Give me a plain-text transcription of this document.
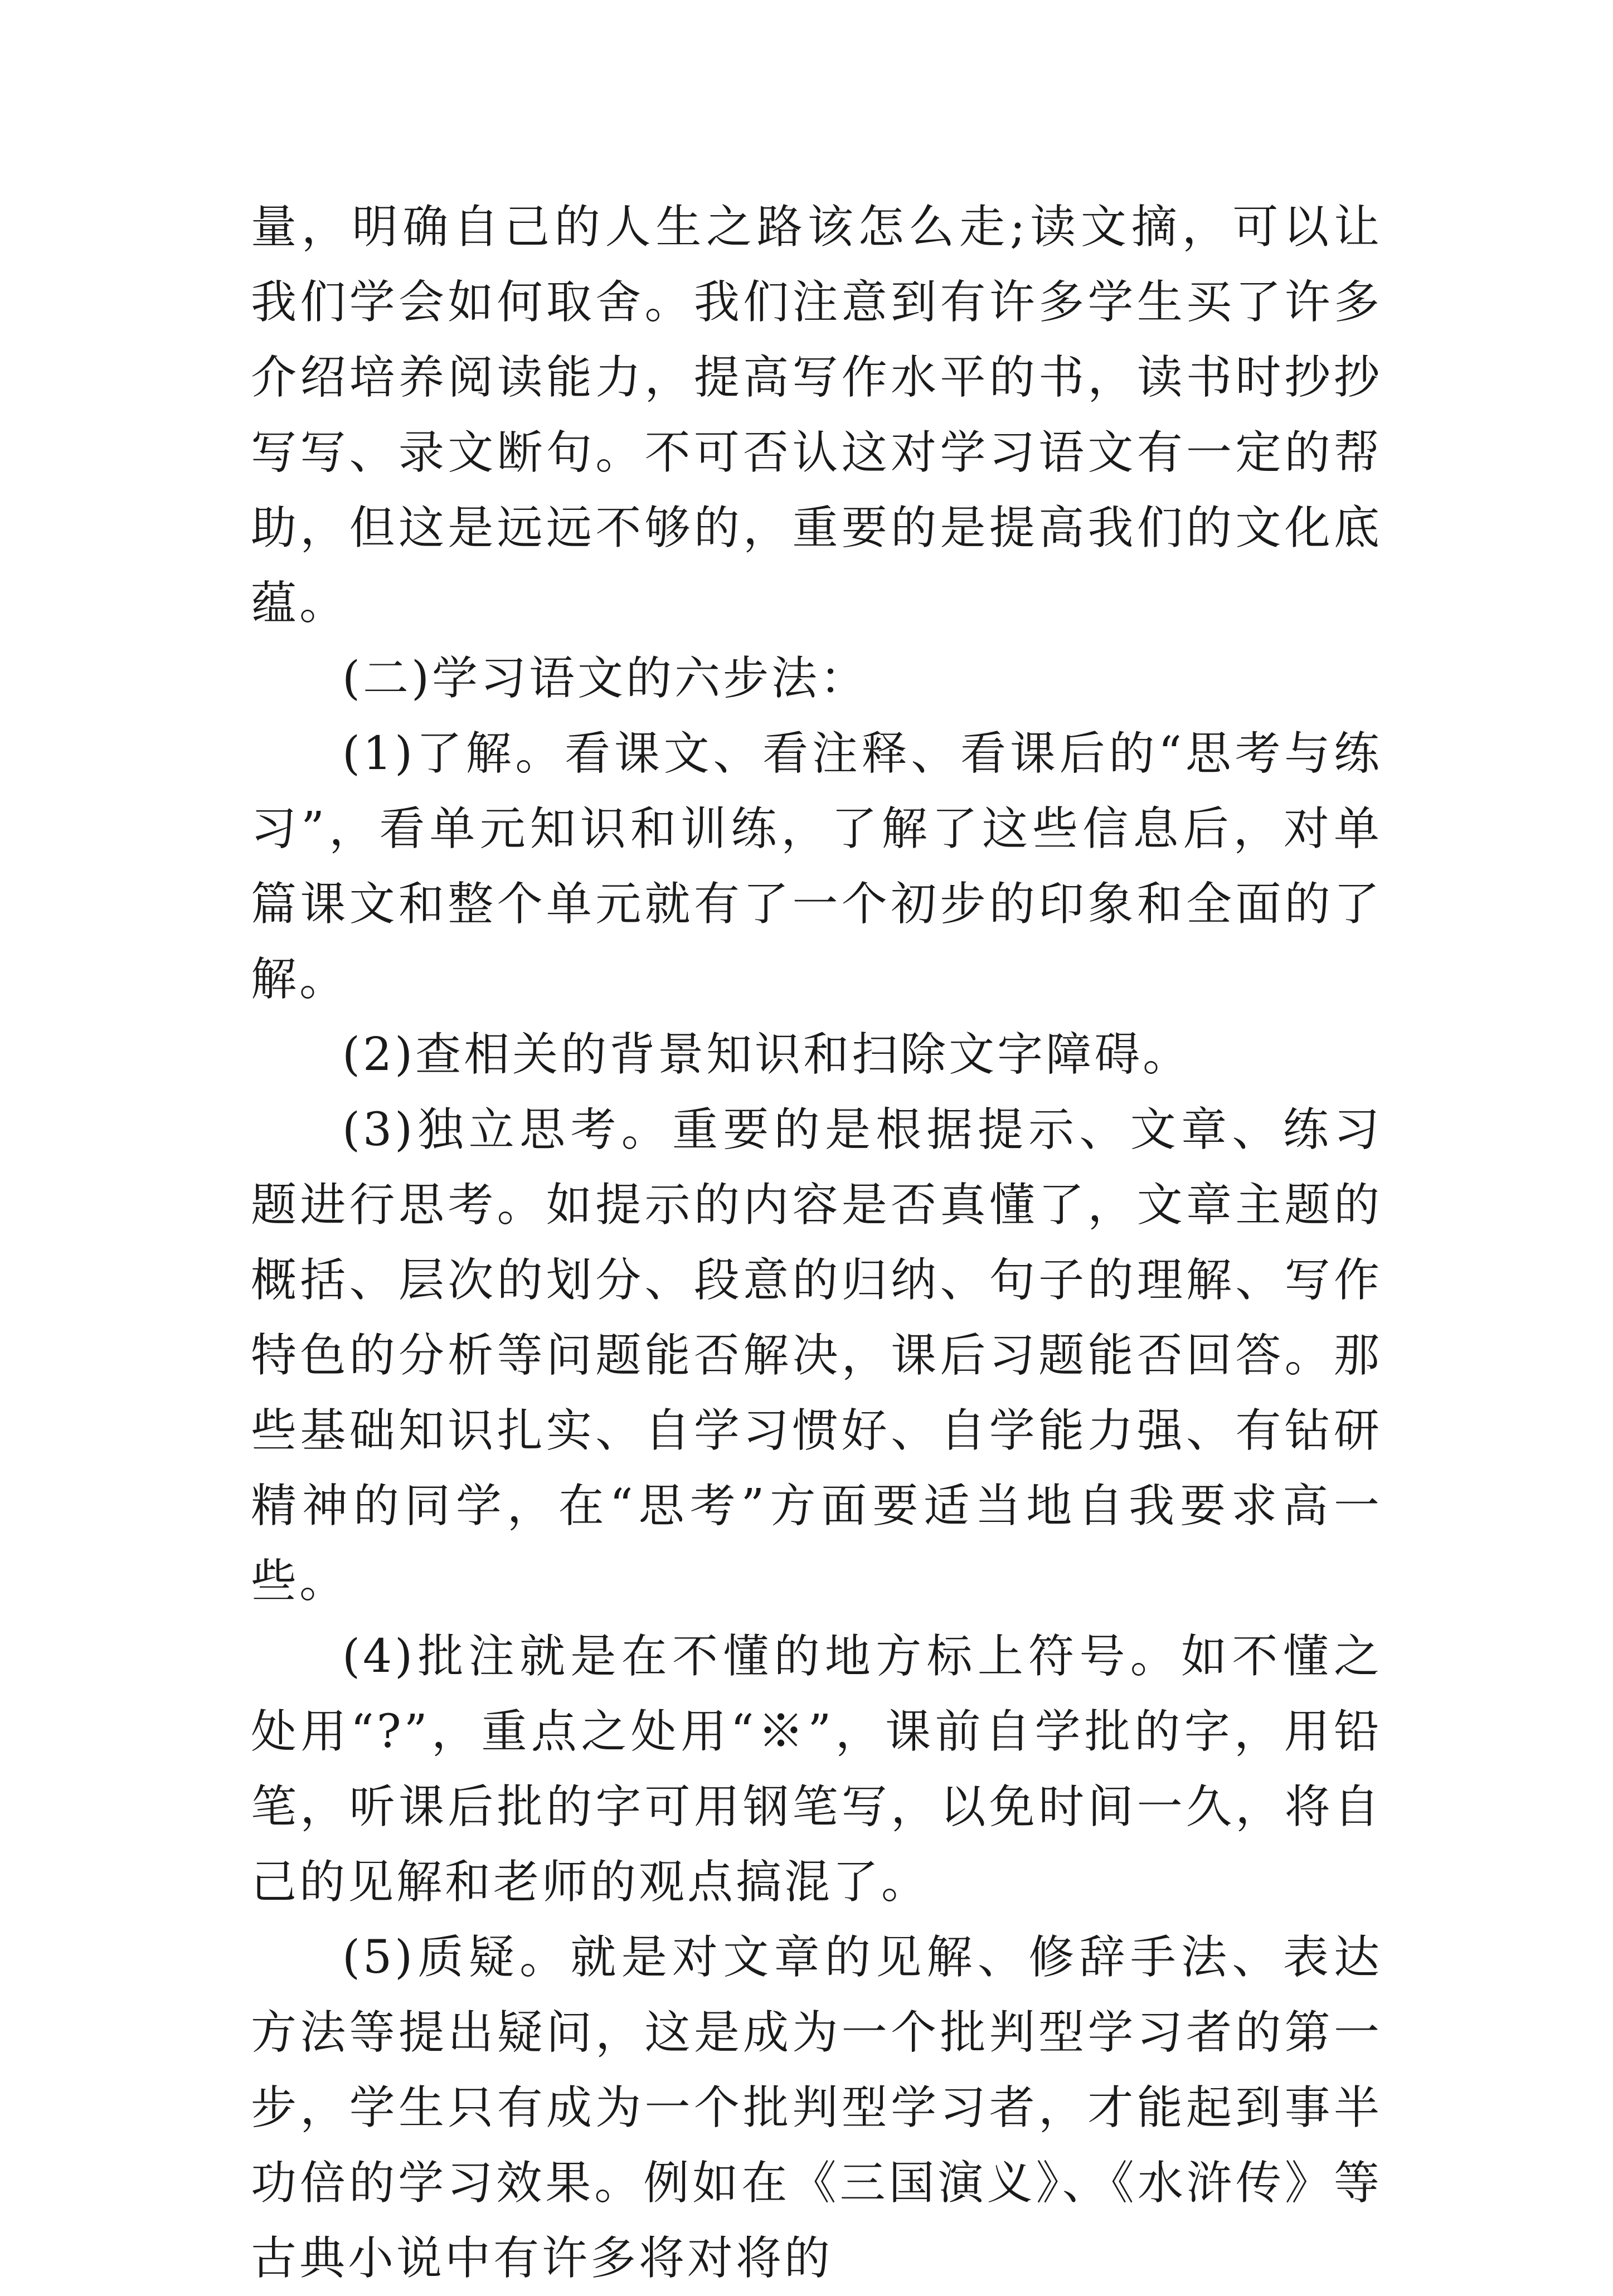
量，明确自己的人生之路该怎么走;读文摘，可以让我们学会如何取舍。我们注意到有许多学生买了许多介绍培养阅读能力，提高写作水平的书，读书时抄抄写写、录文断句。不可否认这对学习语文有一定的帮助，但这是远远不够的，重要的是提高我们的文化底蕴。

(二)学习语文的六步法：

(1)了解。看课文、看注释、看课后的“思考与练习”，看单元知识和训练，了解了这些信息后，对单篇课文和整个单元就有了一个初步的印象和全面的了解。

(2)查相关的背景知识和扫除文字障碍。

(3)独立思考。重要的是根据提示、文章、练习题进行思考。如提示的内容是否真懂了，文章主题的概括、层次的划分、段意的归纳、句子的理解、写作特色的分析等问题能否解决，课后习题能否回答。那些基础知识扎实、自学习惯好、自学能力强、有钻研精神的同学，在“思考”方面要适当地自我要求高一些。

(4)批注就是在不懂的地方标上符号。如不懂之处用“?”，重点之处用“※”，课前自学批的字，用铅笔，听课后批的字可用钢笔写，以免时间一久，将自己的见解和老师的观点搞混了。

(5)质疑。就是对文章的见解、修辞手法、表达方法等提出疑问，这是成为一个批判型学习者的第一步，学生只有成为一个批判型学习者，才能起到事半功倍的学习效果。例如在《三国演义》、《水浒传》等古典小说中有许多将对将的
